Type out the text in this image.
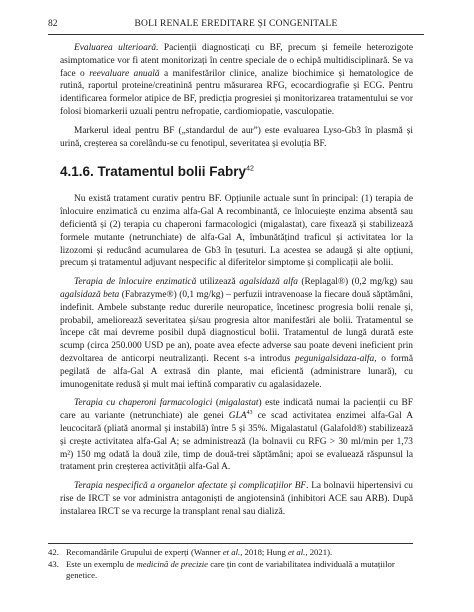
82	BOLI RENALE EREDITARE ȘI CONGENITALE

Evaluarea ulterioară. Pacienții diagnosticați cu BF, precum și femeile heterozigote asimptomatice vor fi atent monitorizați în centre speciale de o echipă multidisciplinară. Se va face o reevaluare anuală a manifestărilor clinice, analize biochimice și hematologice de rutină, raportul proteine/creatinină pentru măsurarea RFG, ecocardiografie și ECG. Pentru identificarea formelor atipice de BF, predicția progresiei și monitorizarea tratamentului se vor folosi biomarkerii uzuali pentru nefropatie, cardiomiopatie, vasculopatie.

Markerul ideal pentru BF („standardul de aur”) este evaluarea Lyso-Gb3 în plasmă și urină, creșterea sa corelându-se cu fenotipul, severitatea și evoluția BF.

4.1.6. Tratamentul bolii Fabry$^{42}$

Nu există tratament curativ pentru BF. Opțiunile actuale sunt în principal: (1) terapia de înlocuire enzimatică cu enzima alfa-Gal A recombinantă, ce înlocuiește enzima absentă sau deficientă și (2) terapia cu chaperoni farmacologici (migalastat), care fixează și stabilizează formele mutante (netrunchiate) de alfa-Gal A, îmbunătățind traficul și activitatea lor la lizozomi și reducând acumularea de Gb3 în țesuturi. La acestea se adaugă și alte opțiuni, precum și tratamentul adjuvant nespecific al diferitelor simptome și complicații ale bolii.

Terapia de înlocuire enzimatică utilizează agalsidază alfa (Replagal®) (0,2 mg/kg) sau agalsidază beta (Fabrazyme®) (0,1 mg/kg) – perfuzii intravenoase la fiecare două săptămâni, indefinit. Ambele substanțe reduc durerile neuropatice, încetinesc progresia bolii renale și, probabil, ameliorează severitatea și/sau progresia altor manifestări ale bolii. Tratamentul se începe cât mai devreme posibil după diagnosticul bolii. Tratamentul de lungă durată este scump (circa 250.000 USD pe an), poate avea efecte adverse sau poate deveni ineficient prin dezvoltarea de anticorpi neutralizanți. Recent s-a introdus pegunigalsidaza-alfa, o formă pegilată de alfa-Gal A extrasă din plante, mai eficientă (administrare lunară), cu imunogenitate redusă și mult mai ieftină comparativ cu agalasidazele.

Terapia cu chaperoni farmacologici (migalastat) este indicată numai la pacienții cu BF care au variante (netrunchiate) ale genei GLA$^{43}$ ce scad activitatea enzimei alfa-Gal A leucocitară (pliată anormal și instabilă) între 5 și 35%. Migalastatul (Galafold®) stabilizează și crește activitatea alfa-Gal A; se administrează (la bolnavii cu RFG > 30 ml/min per 1,73 m²) 150 mg odată la două zile, timp de două-trei săptămâni; apoi se evaluează răspunsul la tratament prin creșterea activității alfa-Gal A.

Terapia nespecifică a organelor afectate și complicațiilor BF. La bolnavii hipertensivi cu rise de IRCT se vor administra antagoniști de angiotensină (inhibitori ACE sau ARB). După instalarea IRCT se va recurge la transplant renal sau dializă.

42. Recomandările Grupului de experți (Wanner et al., 2018; Hung et al., 2021).
43. Este un exemplu de medicină de precizie care țin cont de variabilitatea individuală a mutațiilor genetice.
